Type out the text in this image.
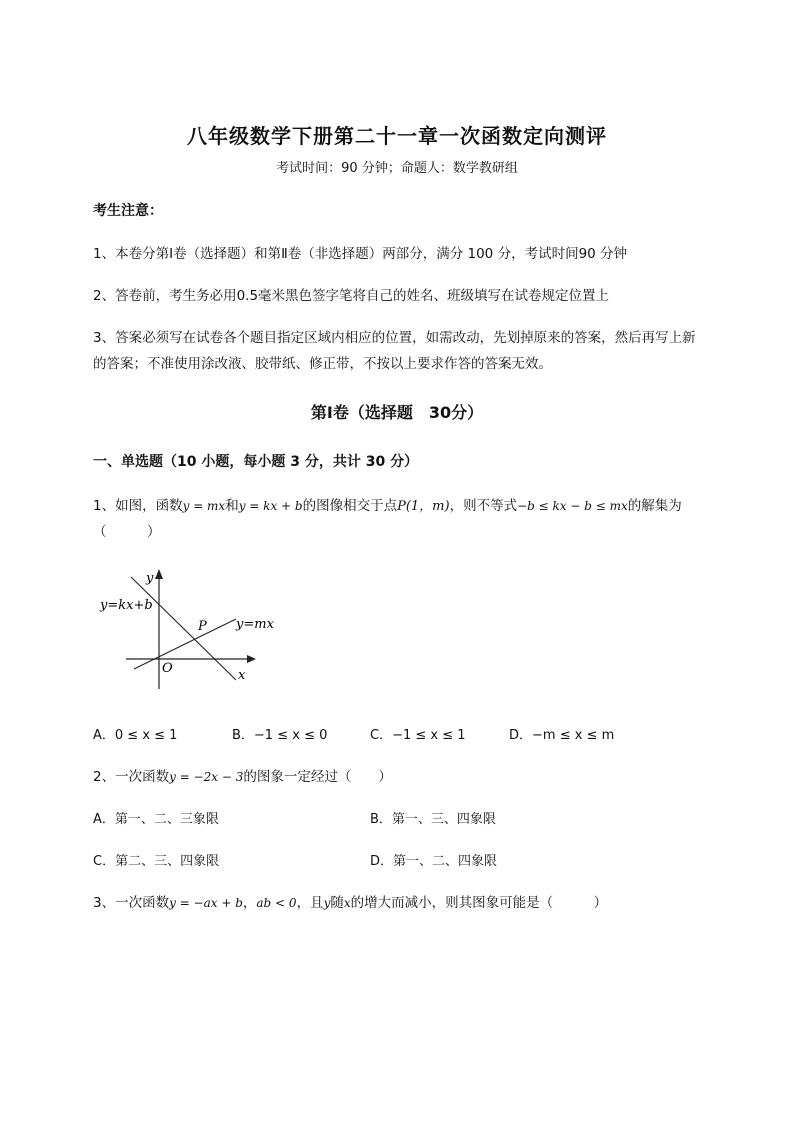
八年级数学下册第二十一章一次函数定向测评
考试时间：90 分钟；命题人：数学教研组
考生注意：
1、本卷分第Ⅰ卷（选择题）和第Ⅱ卷（非选择题）两部分，满分 100 分，考试时间90 分钟
2、答卷前，考生务必用0.5毫米黑色签字笔将自己的姓名、班级填写在试卷规定位置上
3、答案必须写在试卷各个题目指定区域内相应的位置，如需改动，先划掉原来的答案，然后再写上新
的答案；不准使用涂改液、胶带纸、修正带，不按以上要求作答的答案无效。
第Ⅰ卷（选择题　30分）
一、单选题（10 小题，每小题 3 分，共计 30 分）
1、如图，函数y = mx和y = kx + b的图像相交于点P(1，m)，则不等式−b ≤ kx − b ≤ mx的解集为
（　　　）
y
x
O
P
y=kx+b
y=mx
A．0 ≤ x ≤ 1	B．−1 ≤ x ≤ 0	C．−1 ≤ x ≤ 1	D．−m ≤ x ≤ m
2、一次函数y = −2x − 3的图象一定经过（　　）
A．第一、二、三象限	B．第一、三、四象限
C．第二、三、四象限	D．第一、二、四象限
3、一次函数y = −ax + b，ab < 0，且y随x的增大而减小，则其图象可能是（　　　）
